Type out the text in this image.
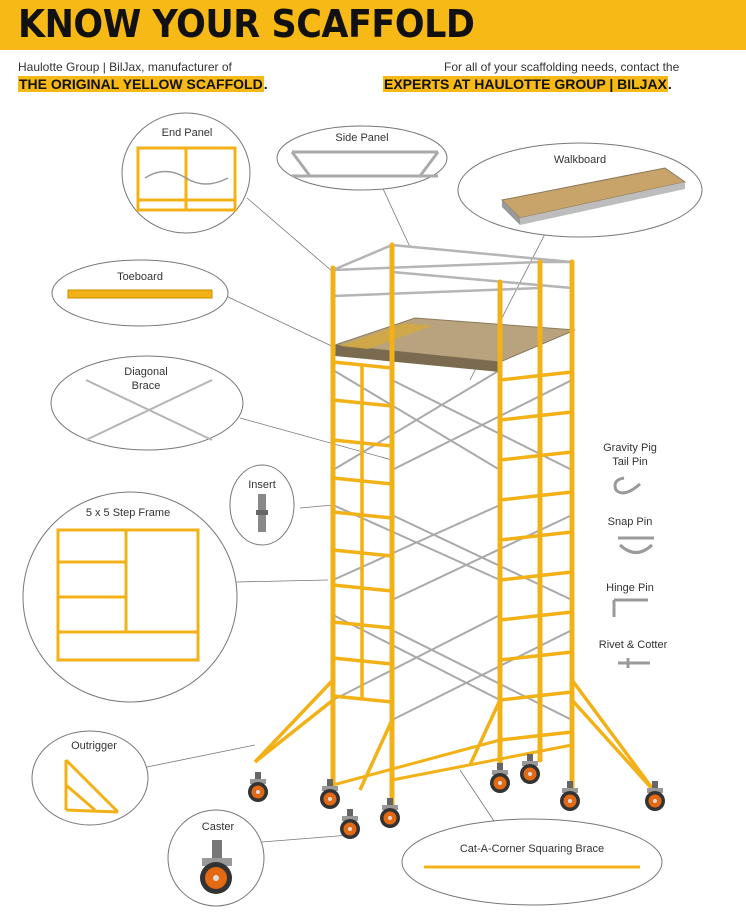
KNOW YOUR SCAFFOLD
Haulotte Group | BilJax, manufacturer of
THE ORIGINAL YELLOW SCAFFOLD.
For all of your scaffolding needs, contact the
EXPERTS AT HAULOTTE GROUP | BILJAX.
End Panel	Side Panel
Walkboard
Toeboard
Diagonal
Brace
Insert
5 x 5 Step Frame
Outrigger
Caster
Cat-A-Corner Squaring Brace
Gravity Pig
Tail Pin
Snap Pin
Hinge Pin
Rivet & Cotter
